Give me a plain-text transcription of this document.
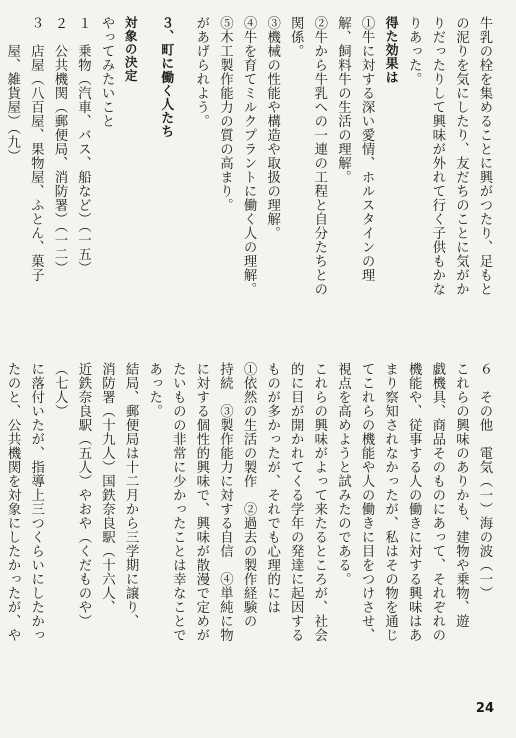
牛乳の栓を集めることに興がつたり、足もと
の泥りを気にしたり、友だちのことに気がか
りだったりして興味が外れて行く子供もかな
りあった。
得た効果は
①牛に対する深い愛情、ホルスタインの理
解、飼料牛の生活の理解。
②牛から牛乳への一連の工程と自分たちとの
関係。
③機械の性能や構造や取扱の理解。
④牛を育てミルクプラントに働く人の理解。
⑤木工製作能力の質の高まり。
があげられよう。
３、町に働く人たち
対象の決定
やってみたいこと
１　乗物（汽車、バス、船など）（一五）
２　公共機関（郵便局、消防署）（一二）
３　店屋（八百屋、果物屋、ふとん、菓子
　　屋、雑貨屋）（九）
６　その他　電気（一）海の波（一）
これらの興味のありかも、建物や乗物、遊
戯機具、商品そのものにあって、それぞれの
機能や、従事する人の働きに対する興味はあ
まり察知されなかったが、私はその物を通じ
てこれらの機能や人の働きに目をつけさせ、
視点を高めようと試みたのである。
これらの興味がよって来たるところが、社会
的に目が開かれてくる学年の発達に起因する
ものが多かったが、それでも心理的には
①依然の生活の製作　②過去の製作経験の
持続　③製作能力に対する自信　④単純に物
に対する個性的興味で、興味が散漫で定めが
たいものの非常に少かったことは幸なことで
あった。
結局、郵便局は十二月から三学期に譲り、
消防署（十九人）国鉄奈良駅（十六人、
近鉄奈良駅（五人）やおや（くだものや）
（七人）
に落付いたが、指導上三つくらいにしたかっ
たのと、公共機関を対象にしたかったが、や
24
